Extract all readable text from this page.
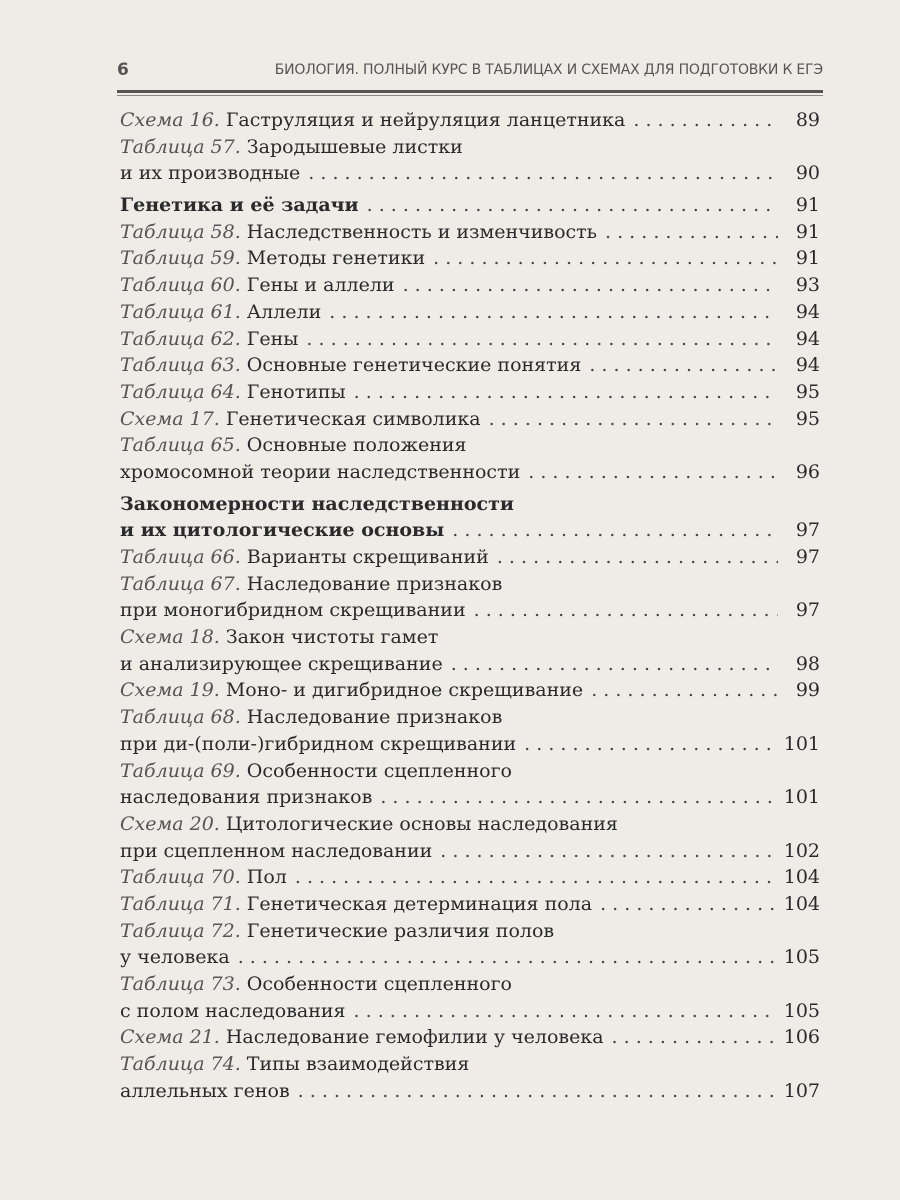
6	БИОЛОГИЯ. ПОЛНЫЙ КУРС В ТАБЛИЦАХ И СХЕМАХ ДЛЯ ПОДГОТОВКИ К ЕГЭ
Схема 16. Гаструляция и нейруляция ланцетника . . .	89
Таблица 57. Зародышевые листки
и их производные . . .	90
Генетика и её задачи . . .	91
Таблица 58. Наследственность и изменчивость . . .	91
Таблица 59. Методы генетики . . .	91
Таблица 60. Гены и аллели . . .	93
Таблица 61. Аллели . . .	94
Таблица 62. Гены . . .	94
Таблица 63. Основные генетические понятия . . .	94
Таблица 64. Генотипы . . .	95
Схема 17. Генетическая символика . . .	95
Таблица 65. Основные положения
хромосомной теории наследственности . . .	96
Закономерности наследственности
и их цитологические основы . . .	97
Таблица 66. Варианты скрещиваний . . .	97
Таблица 67. Наследование признаков
при моногибридном скрещивании . . .	97
Схема 18. Закон чистоты гамет
и анализирующее скрещивание . . .	98
Схема 19. Моно- и дигибридное скрещивание . . .	99
Таблица 68. Наследование признаков
при ди-(поли-)гибридном скрещивании . . .	101
Таблица 69. Особенности сцепленного
наследования признаков . . .	101
Схема 20. Цитологические основы наследования
при сцепленном наследовании . . .	102
Таблица 70. Пол . . .	104
Таблица 71. Генетическая детерминация пола . . .	104
Таблица 72. Генетические различия полов
у человека . . .	105
Таблица 73. Особенности сцепленного
с полом наследования . . .	105
Схема 21. Наследование гемофилии у человека . . .	106
Таблица 74. Типы взаимодействия
аллельных генов . . .	107
